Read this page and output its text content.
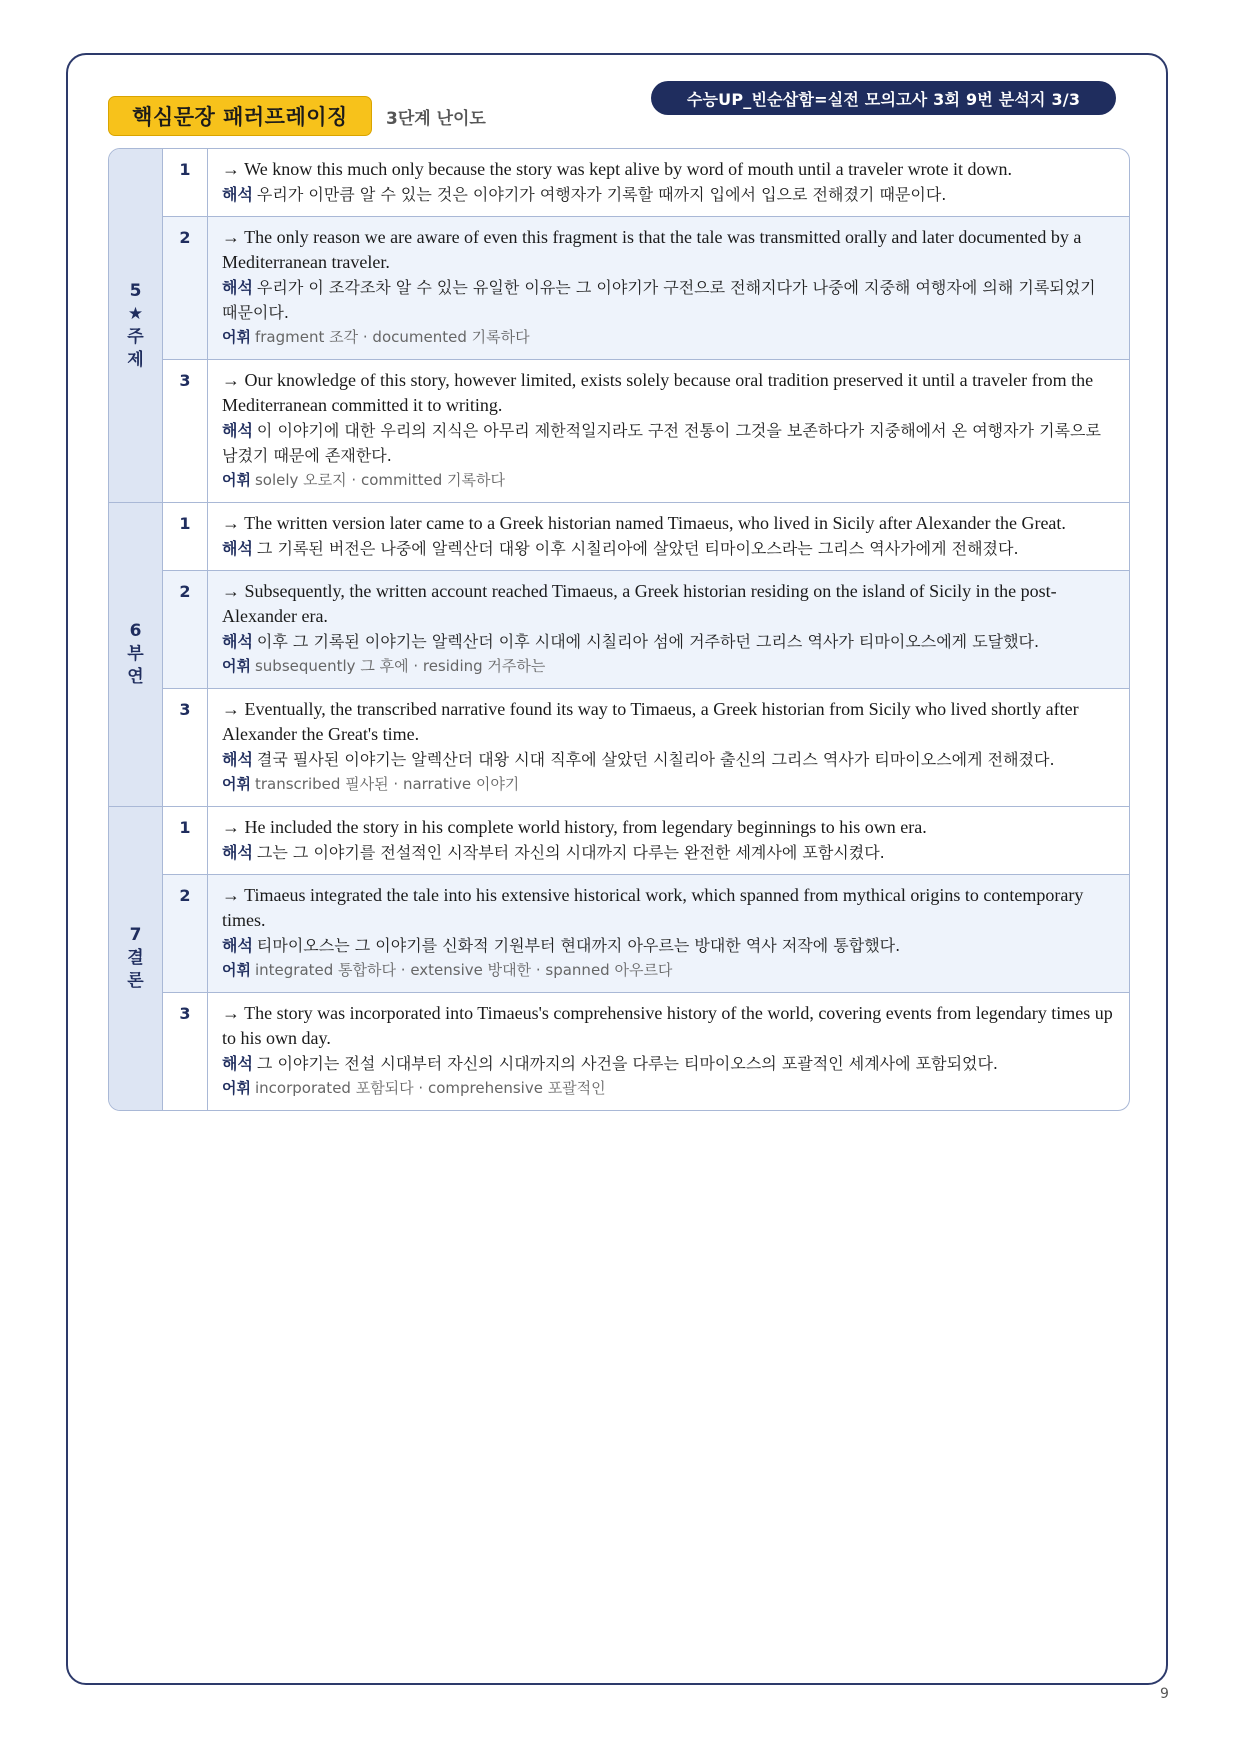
핵심문장 패러프레이징	3단계 난이도
수능UP_빈순삽함=실전 모의고사 3회 9번 분석지 3/3
5
★
주
제
1	→ We know this much only because the story was kept alive by word of mouth until a traveler wrote it down.
해석 우리가 이만큼 알 수 있는 것은 이야기가 여행자가 기록할 때까지 입에서 입으로 전해졌기 때문이다.
2	→ The only reason we are aware of even this fragment is that the tale was transmitted orally and later documented by a Mediterranean traveler.
해석 우리가 이 조각조차 알 수 있는 유일한 이유는 그 이야기가 구전으로 전해지다가 나중에 지중해 여행자에 의해 기록되었기 때문이다.
어휘 fragment 조각 · documented 기록하다
3	→ Our knowledge of this story, however limited, exists solely because oral tradition preserved it until a traveler from the Mediterranean committed it to writing.
해석 이 이야기에 대한 우리의 지식은 아무리 제한적일지라도 구전 전통이 그것을 보존하다가 지중해에서 온 여행자가 기록으로 남겼기 때문에 존재한다.
어휘 solely 오로지 · committed 기록하다
6
부
연
1	→ The written version later came to a Greek historian named Timaeus, who lived in Sicily after Alexander the Great.
해석 그 기록된 버전은 나중에 알렉산더 대왕 이후 시칠리아에 살았던 티마이오스라는 그리스 역사가에게 전해졌다.
2	→ Subsequently, the written account reached Timaeus, a Greek historian residing on the island of Sicily in the post-Alexander era.
해석 이후 그 기록된 이야기는 알렉산더 이후 시대에 시칠리아 섬에 거주하던 그리스 역사가 티마이오스에게 도달했다.
어휘 subsequently 그 후에 · residing 거주하는
3	→ Eventually, the transcribed narrative found its way to Timaeus, a Greek historian from Sicily who lived shortly after Alexander the Great's time.
해석 결국 필사된 이야기는 알렉산더 대왕 시대 직후에 살았던 시칠리아 출신의 그리스 역사가 티마이오스에게 전해졌다.
어휘 transcribed 필사된 · narrative 이야기
7
결
론
1	→ He included the story in his complete world history, from legendary beginnings to his own era.
해석 그는 그 이야기를 전설적인 시작부터 자신의 시대까지 다루는 완전한 세계사에 포함시켰다.
2	→ Timaeus integrated the tale into his extensive historical work, which spanned from mythical origins to contemporary times.
해석 티마이오스는 그 이야기를 신화적 기원부터 현대까지 아우르는 방대한 역사 저작에 통합했다.
어휘 integrated 통합하다 · extensive 방대한 · spanned 아우르다
3	→ The story was incorporated into Timaeus's comprehensive history of the world, covering events from legendary times up to his own day.
해석 그 이야기는 전설 시대부터 자신의 시대까지의 사건을 다루는 티마이오스의 포괄적인 세계사에 포함되었다.
어휘 incorporated 포함되다 · comprehensive 포괄적인
9
